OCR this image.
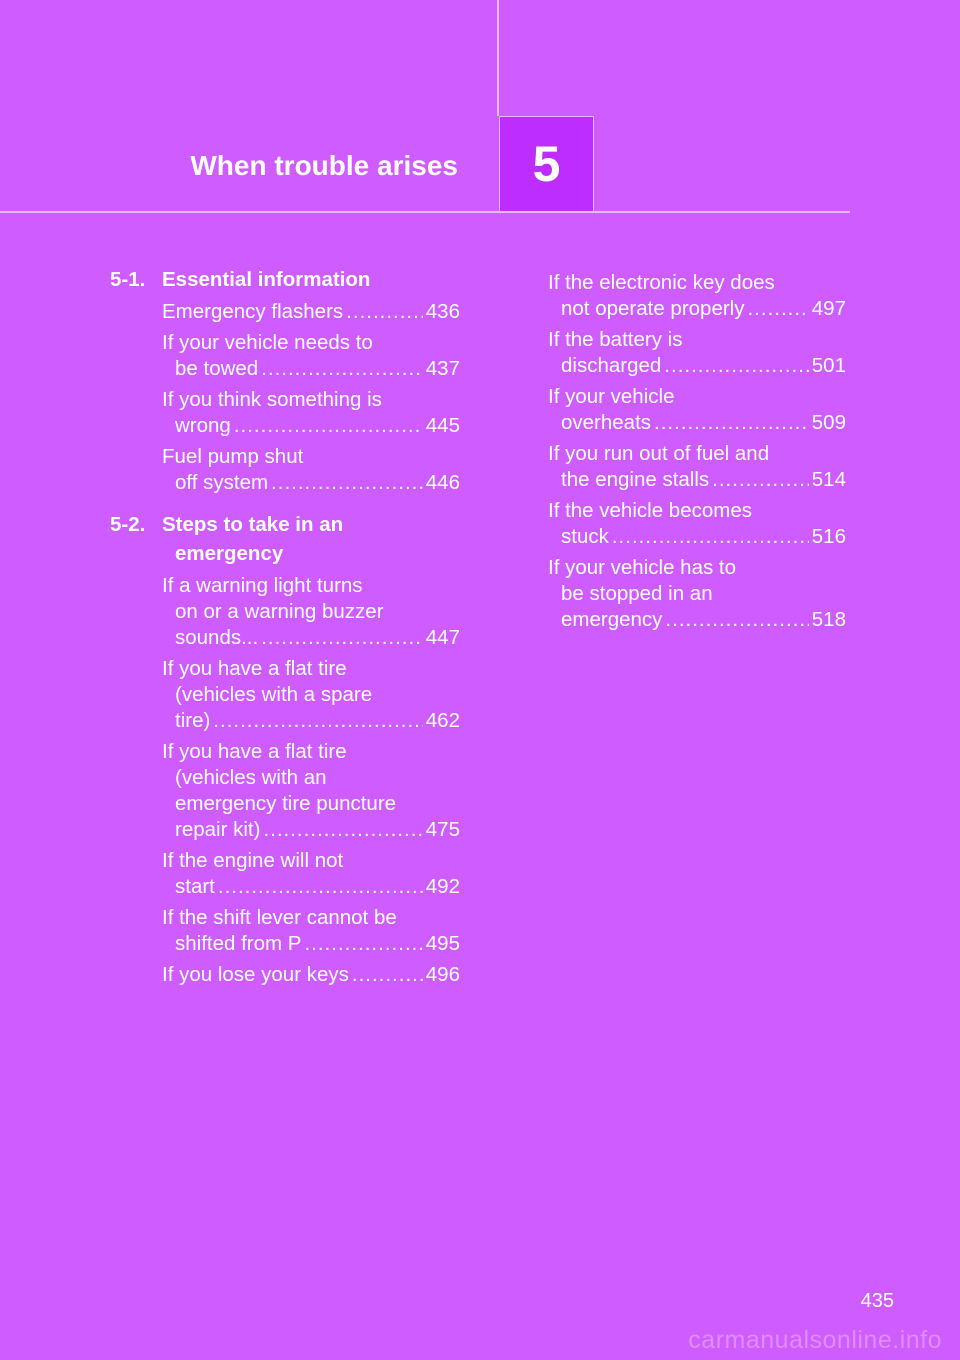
When trouble arises 5
5-1. Essential information
Emergency flashers .....	436
If your vehicle needs to
be towed .....	437
If you think something is
wrong .....	445
Fuel pump shut
off system .....	446
5-2. Steps to take in an
emergency
If a warning light turns
on or a warning buzzer
sounds... .....	447
If you have a flat tire
(vehicles with a spare
tire) .....	462
If you have a flat tire
(vehicles with an
emergency tire puncture
repair kit) .....	475
If the engine will not
start .....	492
If the shift lever cannot be
shifted from P .....	495
If you lose your keys .....	496
If the electronic key does
not operate properly .....	497
If the battery is
discharged .....	501
If your vehicle
overheats .....	509
If you run out of fuel and
the engine stalls .....	514
If the vehicle becomes
stuck .....	516
If your vehicle has to
be stopped in an
emergency .....	518
435
carmanualsonline.info
